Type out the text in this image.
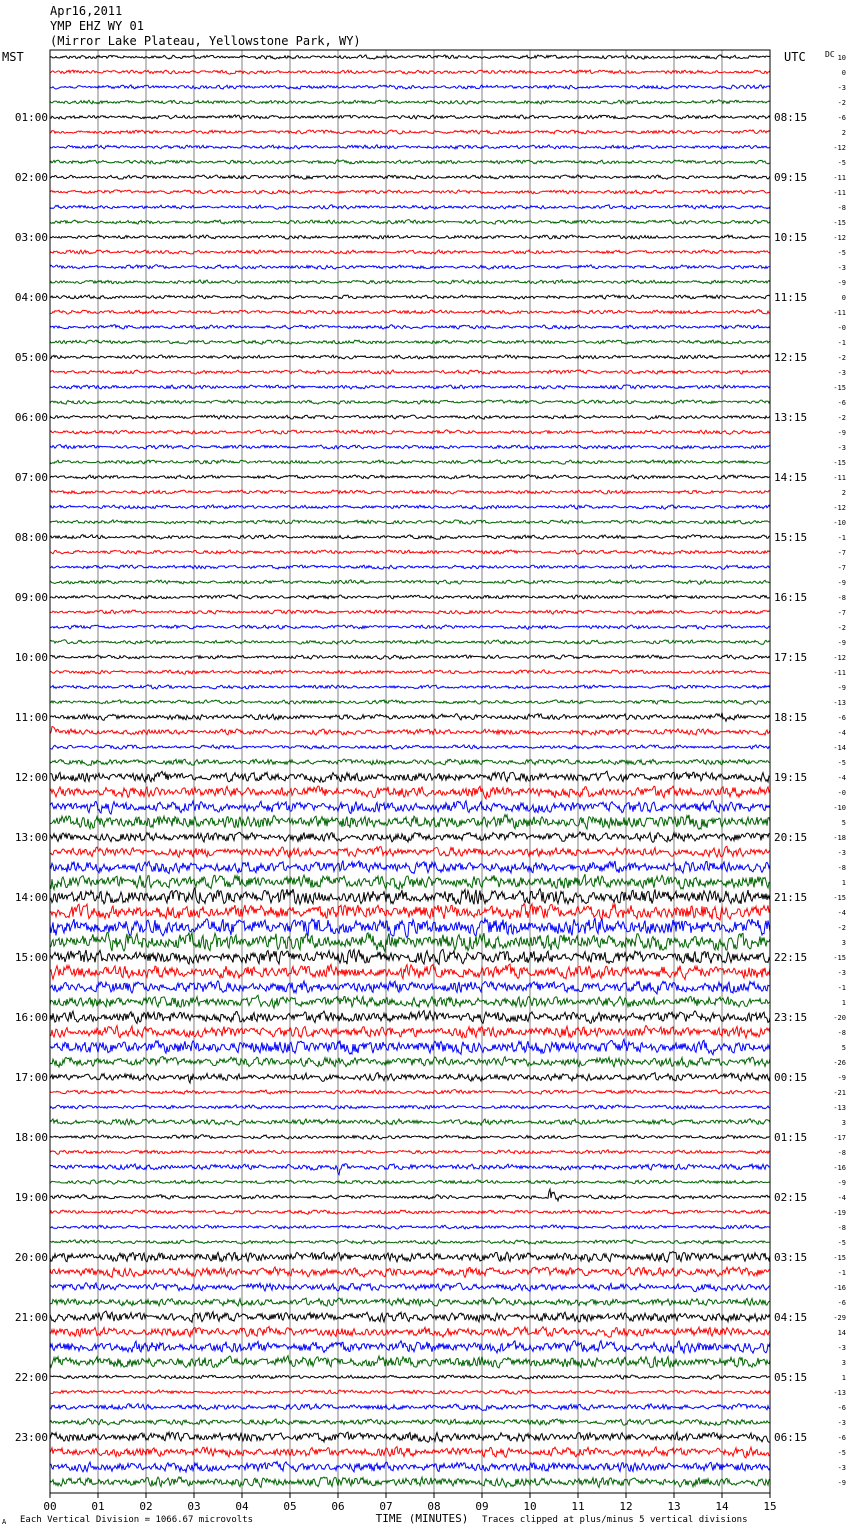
Apr16,2011
YMP EHZ WY 01
(Mirror Lake Plateau, Yellowstone Park, WY)
MST	UTC DC
00	01	02	03	04	05	06	07	08	09	10	11	12	13	14	15
10
0
-3
-2
-6
2
-12
-5
-11
-11
-8
-15
-12
-5
-3
-9
0
-11
-0
-1
-2
-3
-15
-6
-2
-9
-3
-15
-11
2
-12
-10
-1
-7
-7
-9
-8
-7
-2
-9
-12
-11
-9
-13
-6
-4
-14
-5
-4
-0
-10
5
-18
-3
-8
1
-15
-4
-2
3
-15
-3
-1
1
-20
-8
5
-26
-9
-21
-13
3
-17
-8
-16
-9
-4
-19
-8
-5
-15
-1
-16
-6
-29
14
-3
3
1
-13
-6
-3
-6
-5
-3
-9
01:00	08:15
02:00	09:15
03:00	10:15
04:00	11:15
05:00	12:15
06:00	13:15
07:00	14:15
08:00	15:15
09:00	16:15
10:00	17:15
11:00	18:15
12:00	19:15
13:00	20:15
14:00	21:15
15:00	22:15
16:00	23:15
17:00	00:15
18:00	01:15
19:00	02:15
20:00	03:15
21:00	04:15
22:00	05:15
23:00	06:15
TIME (MINUTES)
A Each Vertical Division = 1066.67 microvolts	Traces clipped at plus/minus 5 vertical divisions
